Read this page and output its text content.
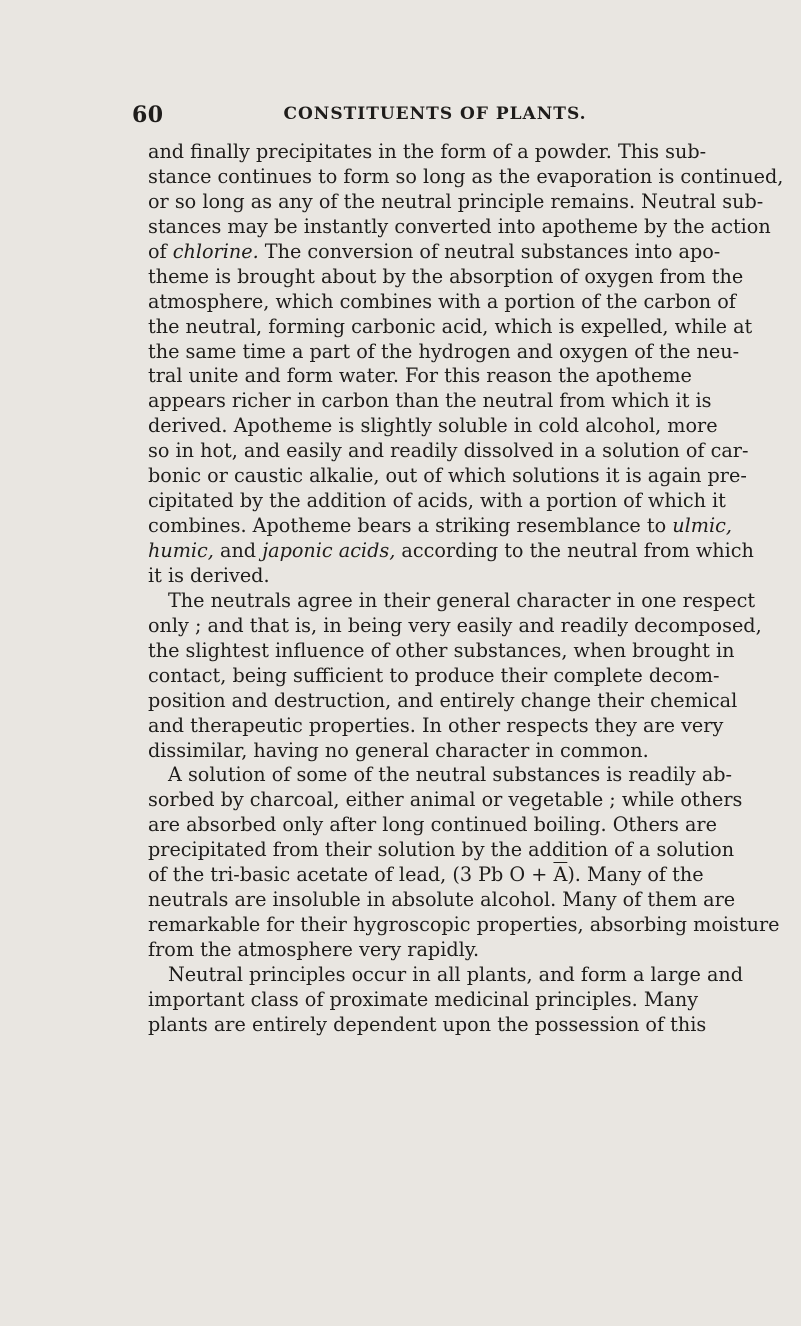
60	CONSTITUENTS OF PLANTS.
and finally precipitates in the form of a powder. This sub-
stance continues to form so long as the evaporation is continued,
or so long as any of the neutral principle remains. Neutral sub-
stances may be instantly converted into apotheme by the action
of chlorine. The conversion of neutral substances into apo-
theme is brought about by the absorption of oxygen from the
atmosphere, which combines with a portion of the carbon of
the neutral, forming carbonic acid, which is expelled, while at
the same time a part of the hydrogen and oxygen of the neu-
tral unite and form water. For this reason the apotheme
appears richer in carbon than the neutral from which it is
derived. Apotheme is slightly soluble in cold alcohol, more
so in hot, and easily and readily dissolved in a solution of car-
bonic or caustic alkalie, out of which solutions it is again pre-
cipitated by the addition of acids, with a portion of which it
combines. Apotheme bears a striking resemblance to ulmic,
humic, and japonic acids, according to the neutral from which
it is derived.
The neutrals agree in their general character in one respect
only ; and that is, in being very easily and readily decomposed,
the slightest influence of other substances, when brought in
contact, being sufficient to produce their complete decom-
position and destruction, and entirely change their chemical
and therapeutic properties. In other respects they are very
dissimilar, having no general character in common.
A solution of some of the neutral substances is readily ab-
sorbed by charcoal, either animal or vegetable ; while others
are absorbed only after long continued boiling. Others are
precipitated from their solution by the addition of a solution
of the tri-basic acetate of lead, (3 Pb $O + \overline{A}$). Many of the
neutrals are insoluble in absolute alcohol. Many of them are
remarkable for their hygroscopic properties, absorbing moisture
from the atmosphere very rapidly.
Neutral principles occur in all plants, and form a large and
important class of proximate medicinal principles. Many
plants are entirely dependent upon the possession of this
